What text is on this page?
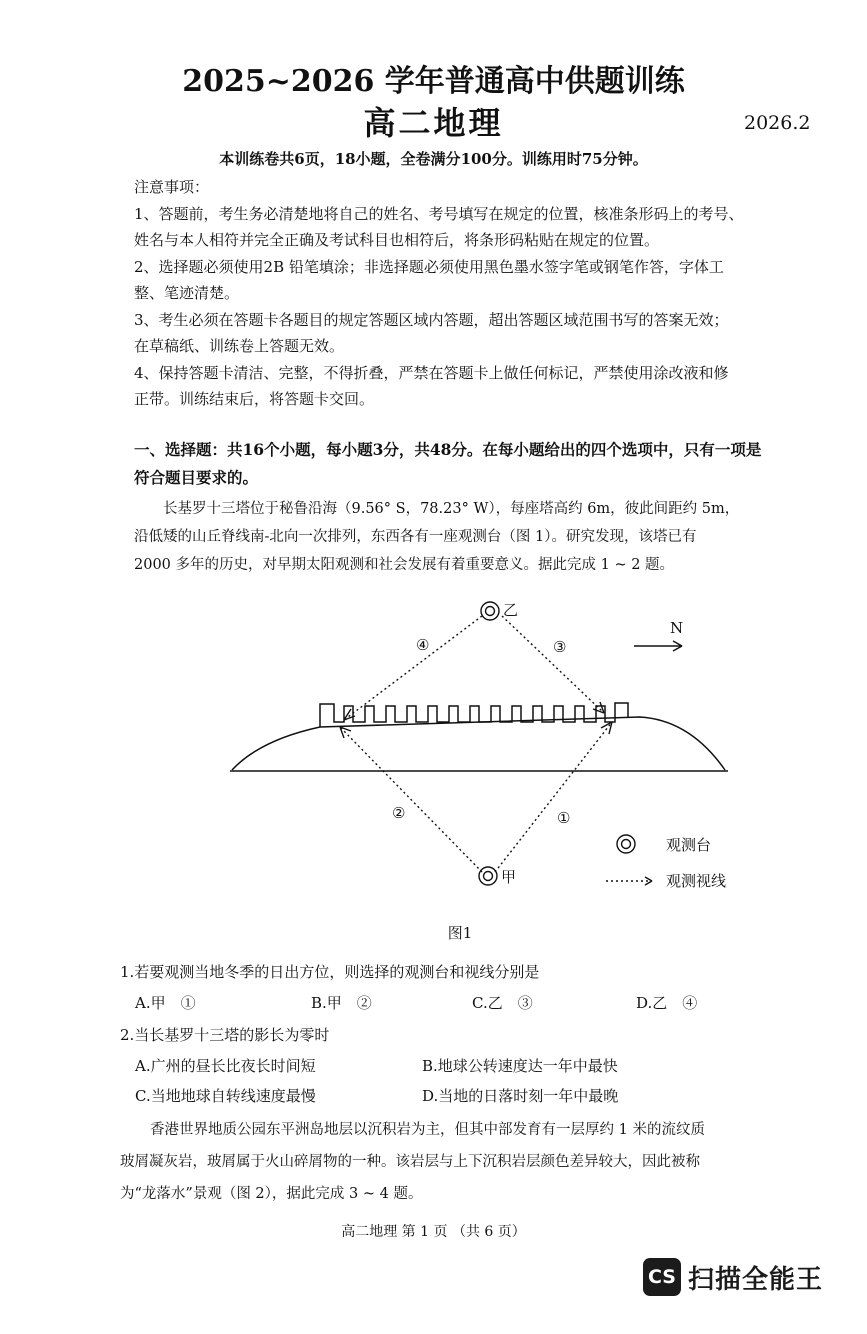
2025~2026 学年普通高中供题训练
高二地理	2026.2
本训练卷共6页，18小题，全卷满分100分。训练用时75分钟。
注意事项：
1、答题前，考生务必清楚地将自己的姓名、考号填写在规定的位置，核准条形码上的考号、
姓名与本人相符并完全正确及考试科目也相符后，将条形码粘贴在规定的位置。
2、选择题必须使用2B 铅笔填涂；非选择题必须使用黑色墨水签字笔或钢笔作答，字体工
整、笔迹清楚。
3、考生必须在答题卡各题目的规定答题区域内答题，超出答题区域范围书写的答案无效；
在草稿纸、训练卷上答题无效。
4、保持答题卡清洁、完整，不得折叠，严禁在答题卡上做任何标记，严禁使用涂改液和修
正带。训练结束后，将答题卡交回。
一、选择题：共16个小题，每小题3分，共48分。在每小题给出的四个选项中，只有一项是
符合题目要求的。
长基罗十三塔位于秘鲁沿海（9.56° S，78.23° W），每座塔高约 6m，彼此间距约 5m，
沿低矮的山丘脊线南-北向一次排列，东西各有一座观测台（图 1）。研究发现，该塔已有
2000 多年的历史，对早期太阳观测和社会发展有着重要意义。据此完成 1 ~ 2 题。
乙
甲
④	③
②	①
N
观测台
观测视线
图1
1.若要观测当地冬季的日出方位，则选择的观测台和视线分别是
A.甲　①	B.甲　②	C.乙　③	D.乙　④
2.当长基罗十三塔的影长为零时
A.广州的昼长比夜长时间短	B.地球公转速度达一年中最快
C.当地地球自转线速度最慢	D.当地的日落时刻一年中最晚
香港世界地质公园东平洲岛地层以沉积岩为主，但其中部发育有一层厚约 1 米的流纹质
玻屑凝灰岩，玻屑属于火山碎屑物的一种。该岩层与上下沉积岩层颜色差异较大，因此被称
为“龙落水”景观（图 2），据此完成 3 ~ 4 题。
高二地理 第 1 页 （共 6 页）
CS 扫描全能王
